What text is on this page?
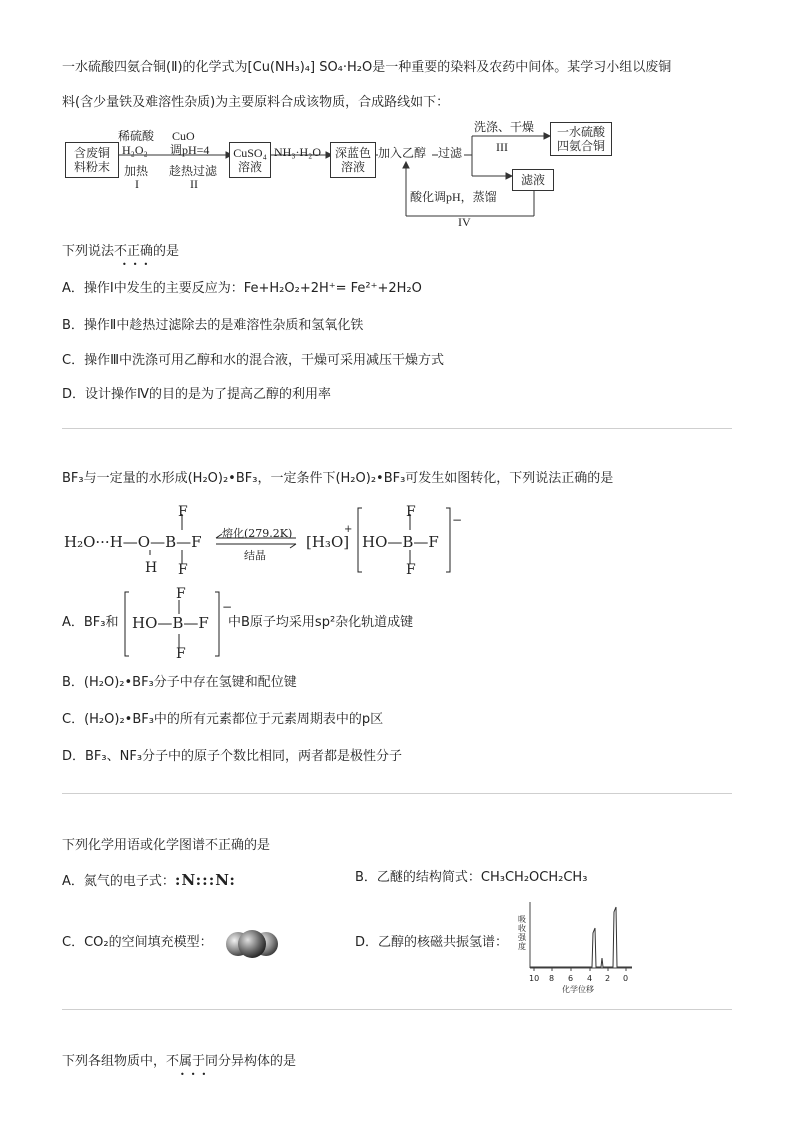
一水硫酸四氨合铜(Ⅱ)的化学式为[Cu(NH₃)₄] SO₄·H₂O是一种重要的染料及农药中间体。某学习小组以废铜
料(含少量铁及难溶性杂质)为主要原料合成该物质，合成路线如下：
含废铜
料粉末
稀硫酸
H₂O₂
加热
I
CuO
调pH=4
趁热过滤
II
CuSO₄
溶液
NH₃·H₂O 深蓝色
溶液
加入乙醇 过滤
洗涤、干燥
III
一水硫酸
四氨合铜
滤液
酸化调pH，蒸馏
IV
下列说法不正确的是
•••
A．操作Ⅰ中发生的主要反应为：Fe+H₂O₂+2H⁺= Fe²⁺+2H₂O
B．操作Ⅱ中趁热过滤除去的是难溶性杂质和氢氧化铁
C．操作Ⅲ中洗涤可用乙醇和水的混合液，干燥可采用减压干燥方式
D．设计操作Ⅳ的目的是为了提高乙醇的利用率
BF₃与一定量的水形成(H₂O)₂•BF₃，一定条件下(H₂O)₂•BF₃可发生如图转化，下列说法正确的是
H₂O···H—O—B—F
F
F
H
熔化(279.2K)
结晶
[H₃O]
+
HO—B—F
F
F
−
A．BF₃和 HO—B—F
F
F
−
中B原子均采用sp²杂化轨道成键
B．(H₂O)₂•BF₃分子中存在氢键和配位键
C．(H₂O)₂•BF₃中的所有元素都位于元素周期表中的p区
D．BF₃、NF₃分子中的原子个数比相同，两者都是极性分子
下列化学用语或化学图谱不正确的是
A．氮气的电子式：:N:::N:	B．乙醚的结构简式：CH₃CH₂OCH₂CH₃
C．CO₂的空间填充模型：	D．乙醇的核磁共振氢谱：
吸收强度
10 8 6 4 2 0
化学位移
下列各组物质中，不属于同分异构体的是
•••
